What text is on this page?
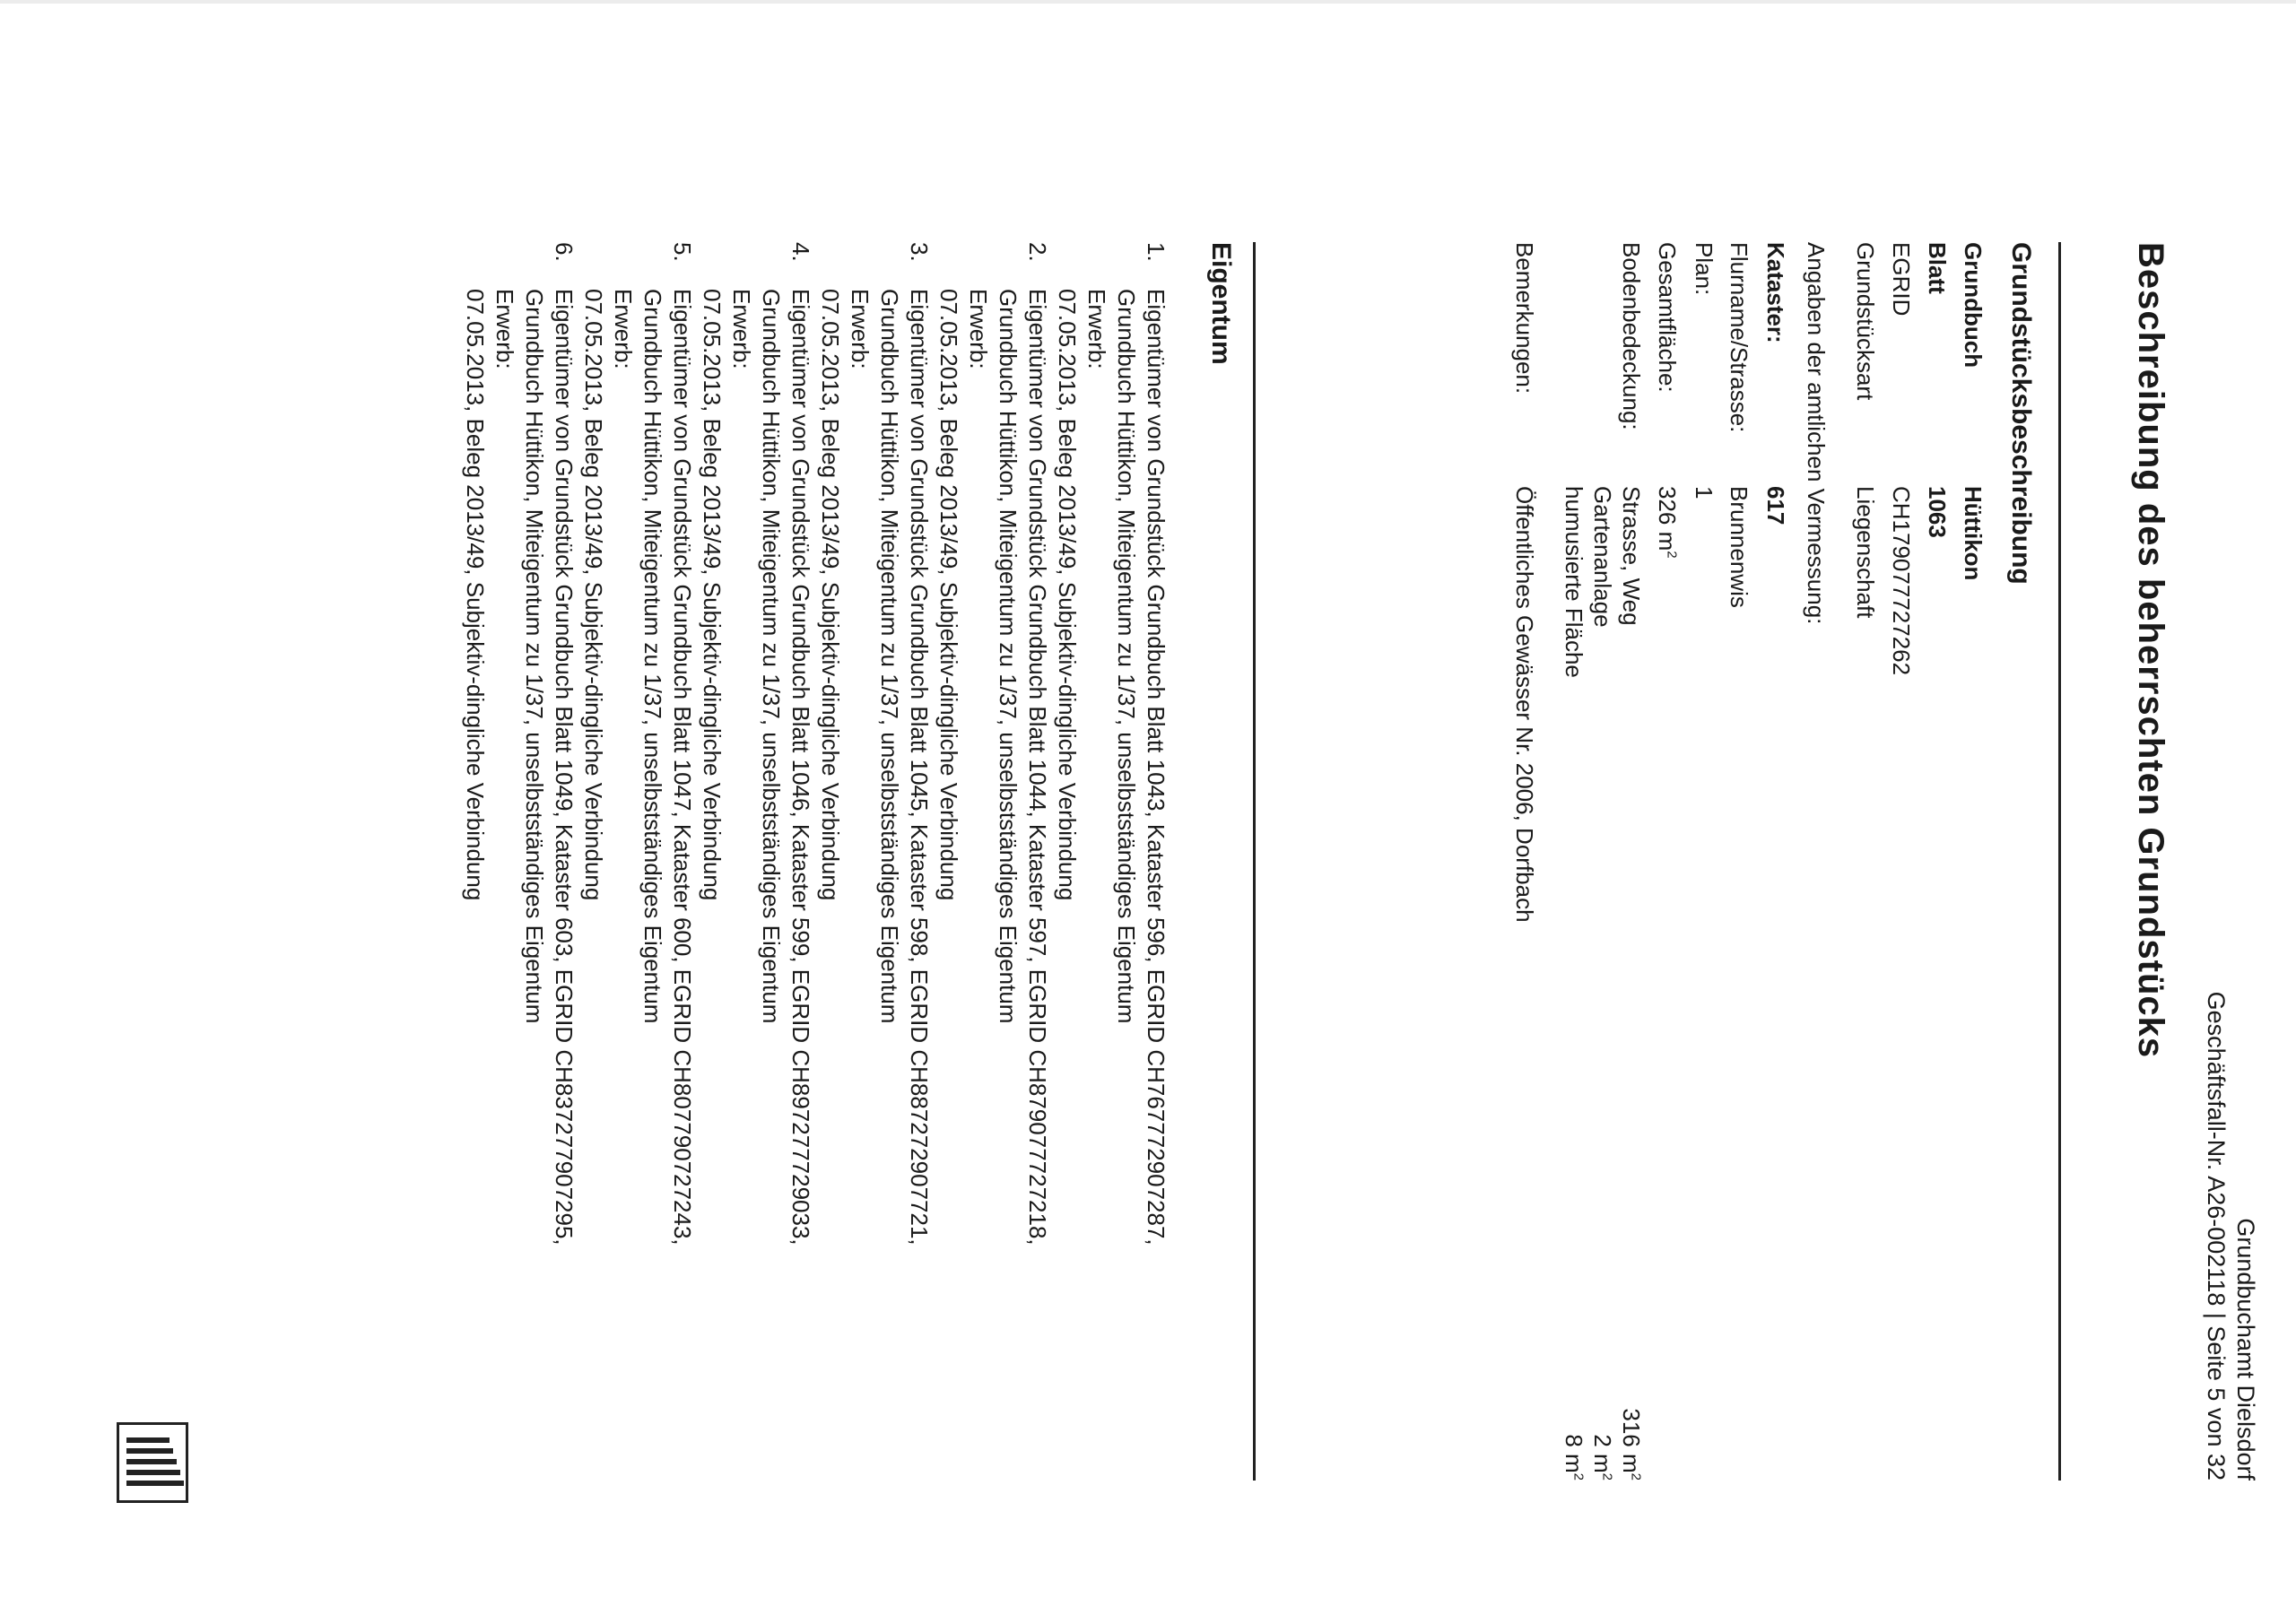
Grundbuchamt Dielsdorf
Geschäftsfall-Nr. A26-002118 | Seite 5 von 32
Beschreibung des beherrschten Grundstücks
Grundstücksbeschreibung
Grundbuch
Hüttikon
Blatt
1063
EGRID
CH179077727262
Grundstücksart
Liegenschaft
Angaben der amtlichen Vermessung:
Kataster:
617
Flurname/Strasse:
Brunnenwis
Plan:
1
Gesamtfläche:
326 $m^2$
Bodenbedeckung:
Strasse, Weg
Gartenanlage
humusierte Fläche
316 $m^2$
2 $m^2$
8 $m^2$
Bemerkungen:
Öffentliches Gewässer Nr. 2006, Dorfbach
Eigentum
1.
Eigentümer von Grundstück Grundbuch Blatt 1043, Kataster 596, EGRID CH767772907287,
Grundbuch Hüttikon, Miteigentum zu 1/37, unselbstständiges Eigentum
Erwerb:
07.05.2013, Beleg 2013/49, Subjektiv-dingliche Verbindung
2.
Eigentümer von Grundstück Grundbuch Blatt 1044, Kataster 597, EGRID CH879077727218,
Grundbuch Hüttikon, Miteigentum zu 1/37, unselbstständiges Eigentum
Erwerb:
07.05.2013, Beleg 2013/49, Subjektiv-dingliche Verbindung
3.
Eigentümer von Grundstück Grundbuch Blatt 1045, Kataster 598, EGRID CH887272907721,
Grundbuch Hüttikon, Miteigentum zu 1/37, unselbstständiges Eigentum
Erwerb:
07.05.2013, Beleg 2013/49, Subjektiv-dingliche Verbindung
4.
Eigentümer von Grundstück Grundbuch Blatt 1046, Kataster 599, EGRID CH897277729033,
Grundbuch Hüttikon, Miteigentum zu 1/37, unselbstständiges Eigentum
Erwerb:
07.05.2013, Beleg 2013/49, Subjektiv-dingliche Verbindung
5.
Eigentümer von Grundstück Grundbuch Blatt 1047, Kataster 600, EGRID CH807790727243,
Grundbuch Hüttikon, Miteigentum zu 1/37, unselbstständiges Eigentum
Erwerb:
07.05.2013, Beleg 2013/49, Subjektiv-dingliche Verbindung
6.
Eigentümer von Grundstück Grundbuch Blatt 1049, Kataster 603, EGRID CH837277907295,
Grundbuch Hüttikon, Miteigentum zu 1/37, unselbstständiges Eigentum
Erwerb:
07.05.2013, Beleg 2013/49, Subjektiv-dingliche Verbindung
